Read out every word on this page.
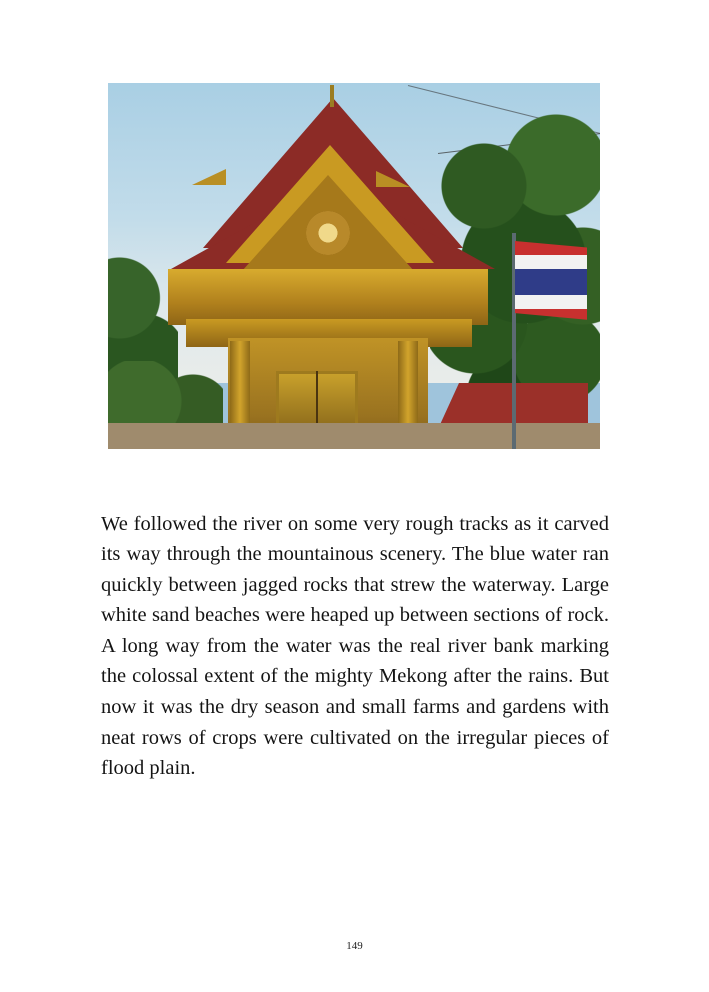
We followed the river on some very rough tracks as it carved its way through the mountainous scenery. The blue water ran quickly between jagged rocks that strew the waterway. Large white sand beaches were heaped up between sections of rock. A long way from the water was the real river bank marking the colossal extent of the mighty Mekong after the rains. But now it was the dry season and small farms and gardens with neat rows of crops were cultivated on the irregular pieces of flood plain.

149
